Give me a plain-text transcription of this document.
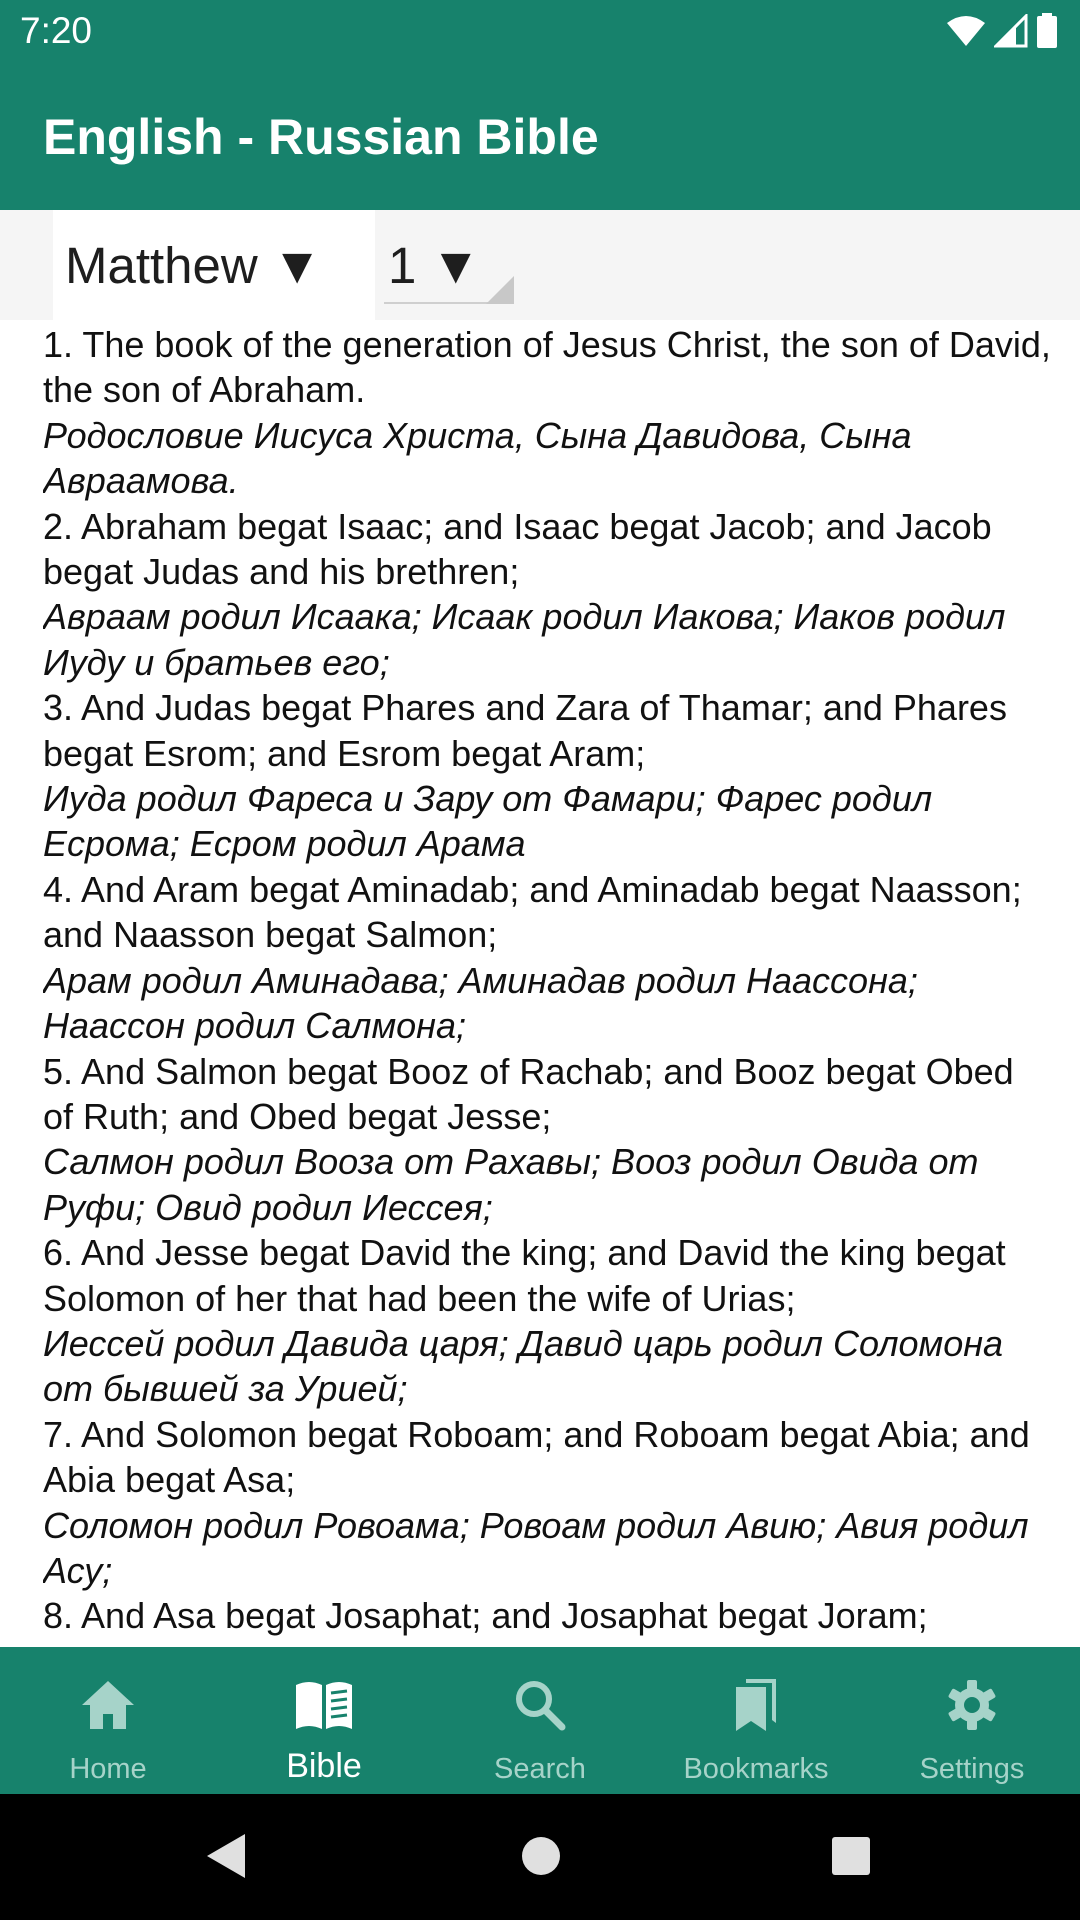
7:20
English - Russian Bible
Matthew ▼	1 ▼
1. The book of the generation of Jesus Christ, the son of David, the son of Abraham.
Родословие Иисуса Христа, Сына Давидова, Сына Авраамова.
2. Abraham begat Isaac; and Isaac begat Jacob; and Jacob begat Judas and his brethren;
Авраам родил Исаака; Исаак родил Иакова; Иаков родил Иуду и братьев его;
3. And Judas begat Phares and Zara of Thamar; and Phares begat Esrom; and Esrom begat Aram;
Иуда родил Фареса и Зару от Фамари; Фарес родил Есрома; Есром родил Арама
4. And Aram begat Aminadab; and Aminadab begat Naasson; and Naasson begat Salmon;
Арам родил Аминадава; Аминадав родил Наассона; Наассон родил Салмона;
5. And Salmon begat Booz of Rachab; and Booz begat Obed of Ruth; and Obed begat Jesse;
Салмон родил Вооза от Рахавы; Вооз родил Овида от Руфи; Овид родил Иессея;
6. And Jesse begat David the king; and David the king begat Solomon of her that had been the wife of Urias;
Иессей родил Давида царя; Давид царь родил Соломона от бывшей за Урией;
7. And Solomon begat Roboam; and Roboam begat Abia; and Abia begat Asa;
Соломон родил Ровоама; Ровоам родил Авию; Авия родил Асу;
8. And Asa begat Josaphat; and Josaphat begat Joram;
Home	Bible	Search	Bookmarks	Settings
